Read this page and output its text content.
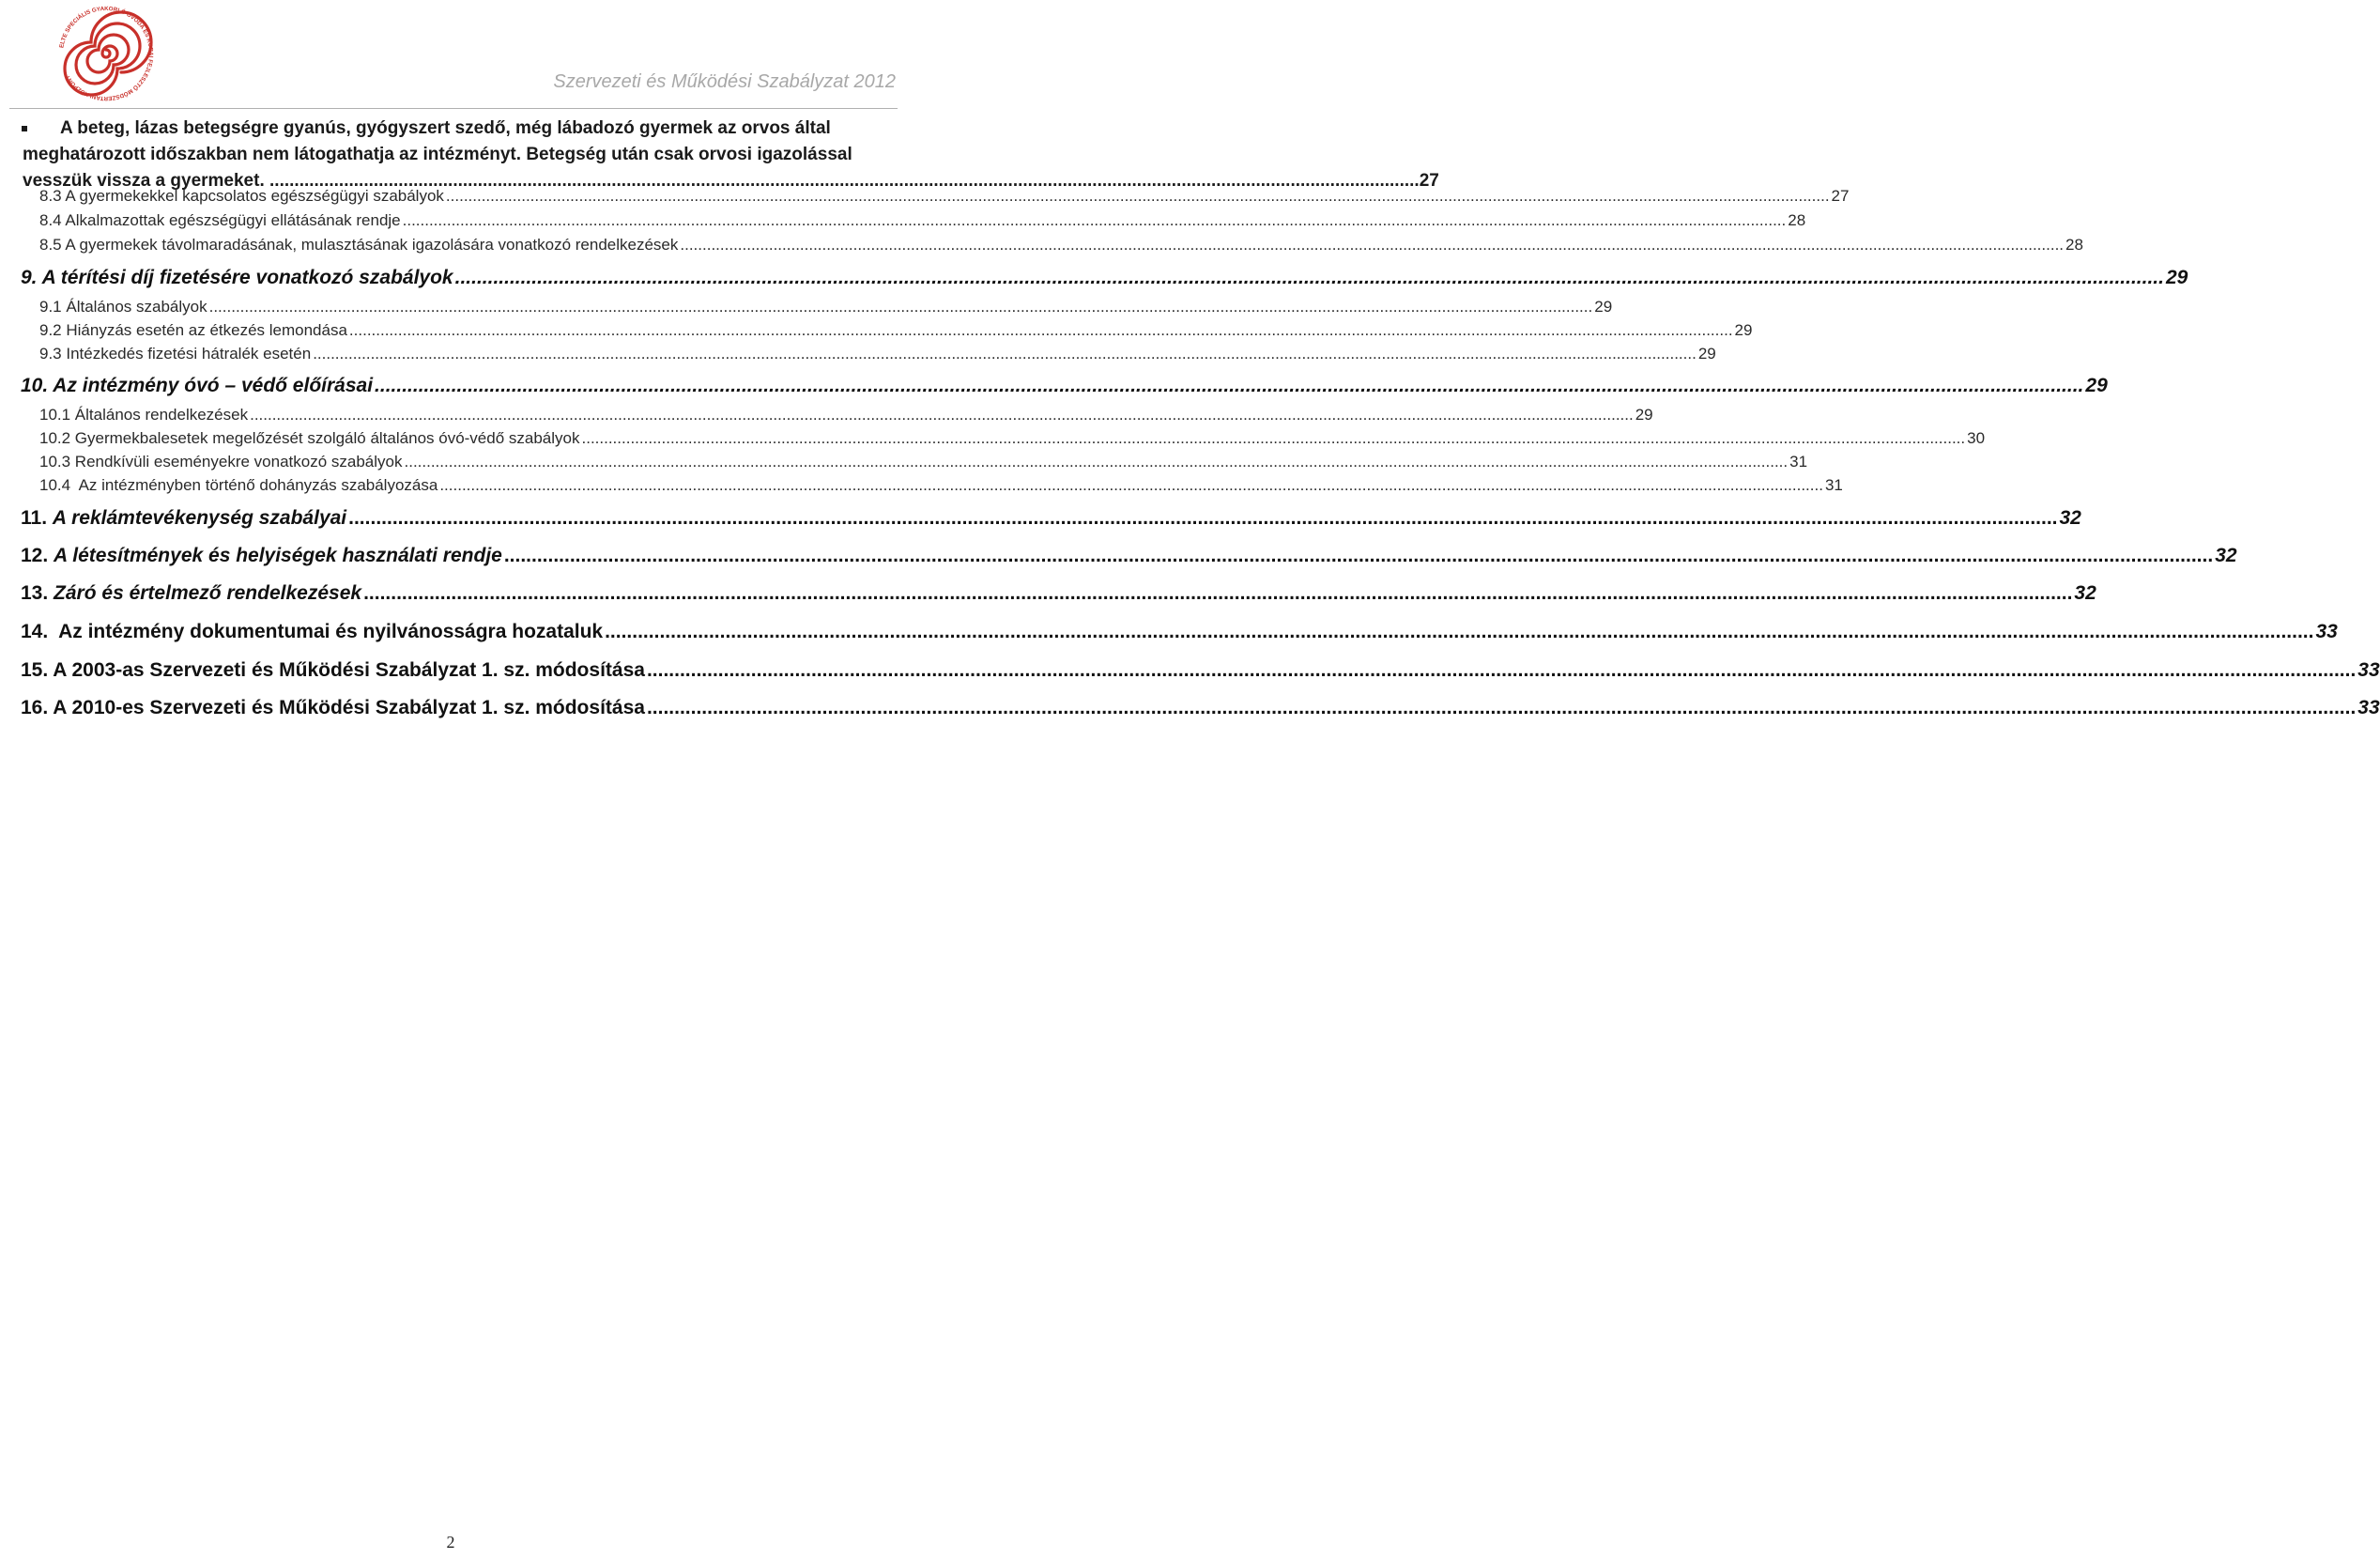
ELTE SPECIÁLIS GYAKORLÓ ÓVODA ÉS KORAI FEJLESZTŐ MÓDSZERTANI KÖZPONT	Szervezeti és Működési Szabályzat 2012
A beteg, lázas betegségre gyanús, gyógyszert szedő, még lábadozó gyermek az orvos által
meghatározott időszakban nem látogathatja az intézményt. Betegség után csak orvosi igazolással

vesszük vissza a gyermeket. ........................................................................................................................................................................................................................................ 27
8.3 A gyermekekkel kapcsolatos egészségügyi szabályok .....	27
8.4 Alkalmazottak egészségügyi ellátásának rendje .....	28
8.5 A gyermekek távolmaradásának, mulasztásának igazolására vonatkozó rendelkezések .....	28
9. A térítési díj fizetésére vonatkozó szabályok .....	29
9.1 Általános szabályok .....	29
9.2 Hiányzás esetén az étkezés lemondása .....	29
9.3 Intézkedés fizetési hátralék esetén .....	29
10. Az intézmény óvó – védő előírásai .....	29
10.1 Általános rendelkezések .....	29
10.2 Gyermekbalesetek megelőzését szolgáló általános óvó-védő szabályok .....	30
10.3 Rendkívüli eseményekre vonatkozó szabályok .....	31
10.4  Az intézményben történő dohányzás szabályozása .....	31
11. A reklámtevékenység szabályai .....	32
12. A létesítmények és helyiségek használati rendje .....	32
13. Záró és értelmező rendelkezések .....	32
14.  Az intézmény dokumentumai és nyilvánosságra hozataluk .....	33
15. A 2003-as Szervezeti és Működési Szabályzat 1. sz. módosítása .....	33
16. A 2010-es Szervezeti és Működési Szabályzat 1. sz. módosítása .....	33
2
